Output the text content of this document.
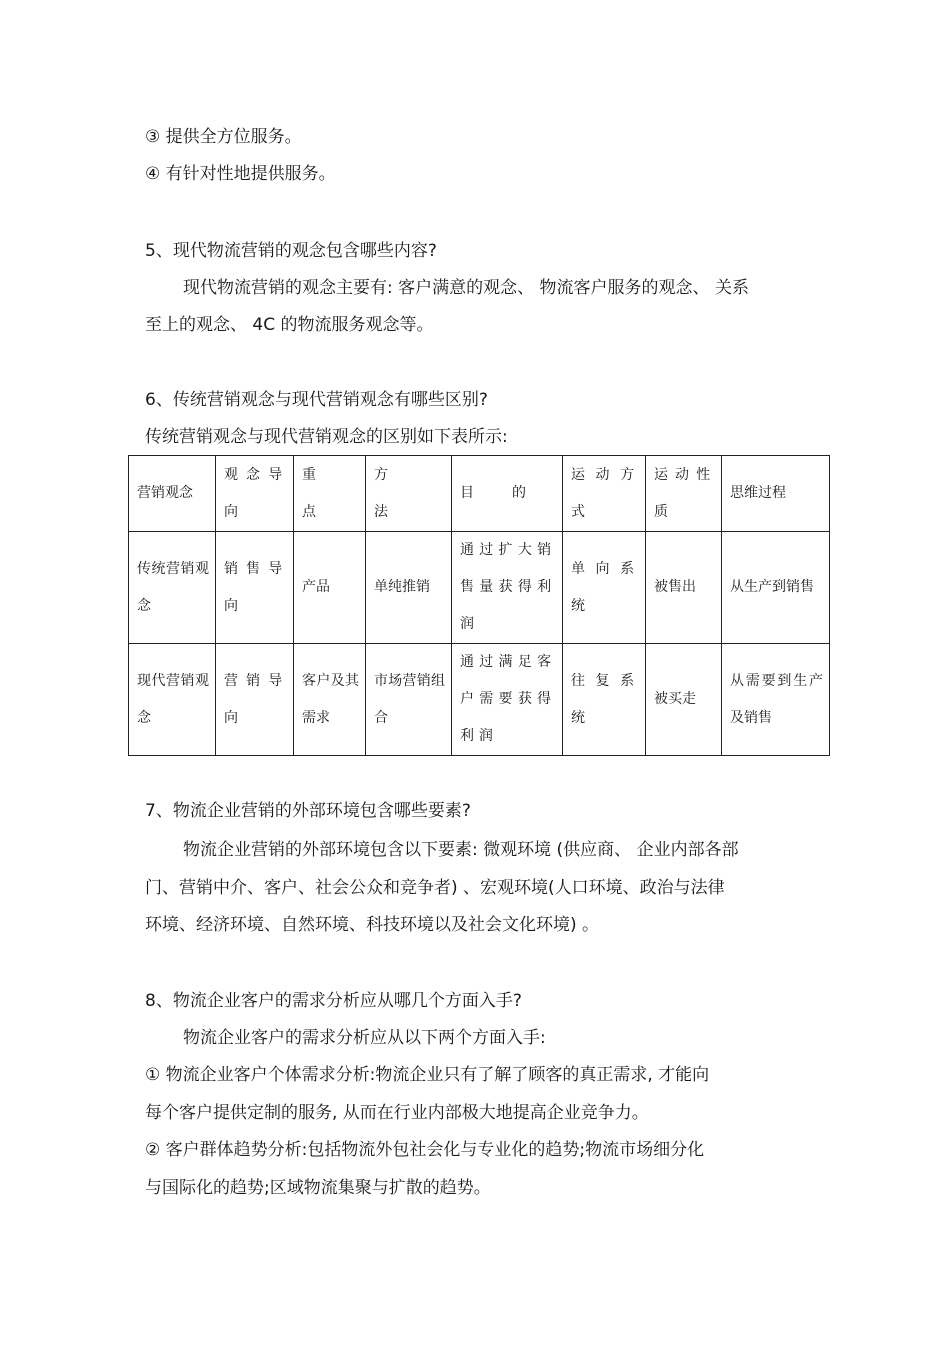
③ 提供全方位服务。
④ 有针对性地提供服务。
5、现代物流营销的观念包含哪些内容?
现代物流营销的观念主要有: 客户满意的观念、 物流客户服务的观念、 关系
至上的观念、 4C 的物流服务观念等。
6、传统营销观念与现代营销观念有哪些区别?
传统营销观念与现代营销观念的区别如下表所示:
营销观念	观念导向	重 点	方 法	目 的	运动方式	运动性质	思维过程
传统营销观念	销售导向	产品	单纯推销	通过扩大销售量获得利润	单向系统	被售出	从生产到销售
现代营销观念	营销导向	客户及其需求	市场营销组合	通过满足客户需要获得利润	往复系统	被买走	从需要到生产及销售
7、物流企业营销的外部环境包含哪些要素?
物流企业营销的外部环境包含以下要素: 微观环境 (供应商、 企业内部各部
门、营销中介、客户、社会公众和竞争者) 、宏观环境(人口环境、政治与法律
环境、经济环境、自然环境、科技环境以及社会文化环境) 。
8、物流企业客户的需求分析应从哪几个方面入手?
物流企业客户的需求分析应从以下两个方面入手:
① 物流企业客户个体需求分析:物流企业只有了解了顾客的真正需求, 才能向
每个客户提供定制的服务, 从而在行业内部极大地提高企业竞争力。
② 客户群体趋势分析:包括物流外包社会化与专业化的趋势;物流市场细分化
与国际化的趋势;区域物流集聚与扩散的趋势。
